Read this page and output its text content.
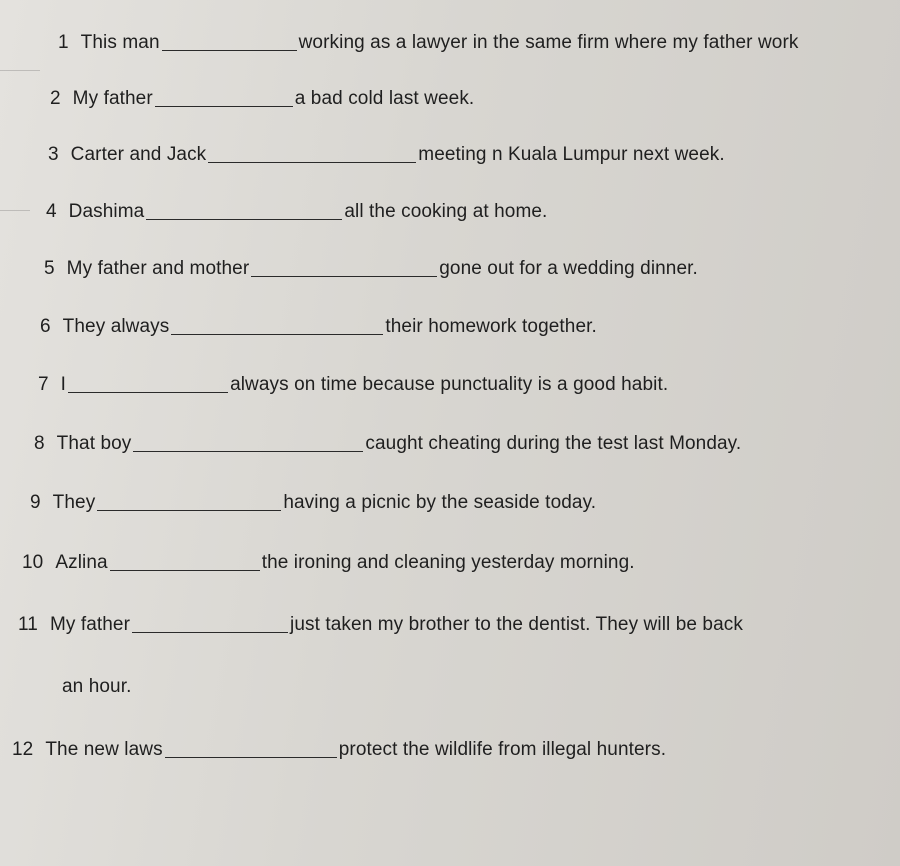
1 This man	working as a lawyer in the same firm where my father work
2 My father	a bad cold last week.
3 Carter and Jack	meeting n Kuala Lumpur next week.
4 Dashima	all the cooking at home.
5 My father and mother	gone out for a wedding dinner.
6 They always	their homework together.
7 I	always on time because punctuality is a good habit.
8 That boy	caught cheating during the test last Monday.
9 They	having a picnic by the seaside today.
10 Azlina	the ironing and cleaning yesterday morning.
11 My father	just taken my brother to the dentist. They will be back
an hour.
12 The new laws	protect the wildlife from illegal hunters.
